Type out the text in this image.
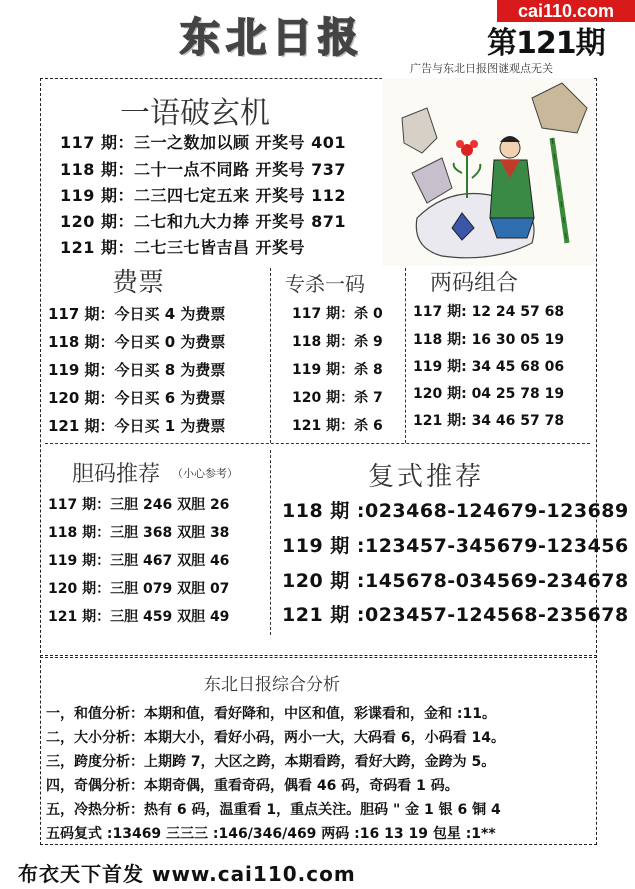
cai110.com
东北日报	第121期
广告与东北日报图谜观点无关
一语破玄机
117 期：三一之数加以顾 开奖号 401
118 期：二十一点不同路 开奖号 737
119 期：二三四七定五来 开奖号 112
120 期：二七和九大力捧 开奖号 871
121 期：二七三七皆吉昌 开奖号
费票
117 期：今日买 4 为费票
118 期：今日买 0 为费票
119 期：今日买 8 为费票
120 期：今日买 6 为费票
121 期：今日买 1 为费票
专杀一码
117 期：杀 0
118 期：杀 9
119 期：杀 8
120 期：杀 7
121 期：杀 6
两码组合
117 期: 12 24 57 68
118 期: 16 30 05 19
119 期: 34 45 68 06
120 期: 04 25 78 19
121 期: 34 46 57 78
胆码推荐 （小心参考）
117 期：三胆 246 双胆 26
118 期：三胆 368 双胆 38
119 期：三胆 467 双胆 46
120 期：三胆 079 双胆 07
121 期：三胆 459 双胆 49
复式推荐
118 期 :023468-124679-123689
119 期 :123457-345679-123456
120 期 :145678-034569-234678
121 期 :023457-124568-235678
东北日报综合分析
一，和值分析：本期和值，看好降和，中区和值，彩谍看和，金和 :11。
二，大小分析：本期大小，看好小码，两小一大，大码看 6，小码看 14。
三，跨度分析：上期跨 7，大区之跨，本期看跨，看好大跨，金跨为 5。
四，奇偶分析：本期奇偶，重看奇码，偶看 46 码，奇码看 1 码。
五，冷热分析：热有 6 码，温重看 1，重点关注。胆码 " 金 1 银 6 铜 4
五码复式 :13469 三三三 :146/346/469 两码 :16 13 19 包星 :1**
布衣天下首发 www.cai110.com
